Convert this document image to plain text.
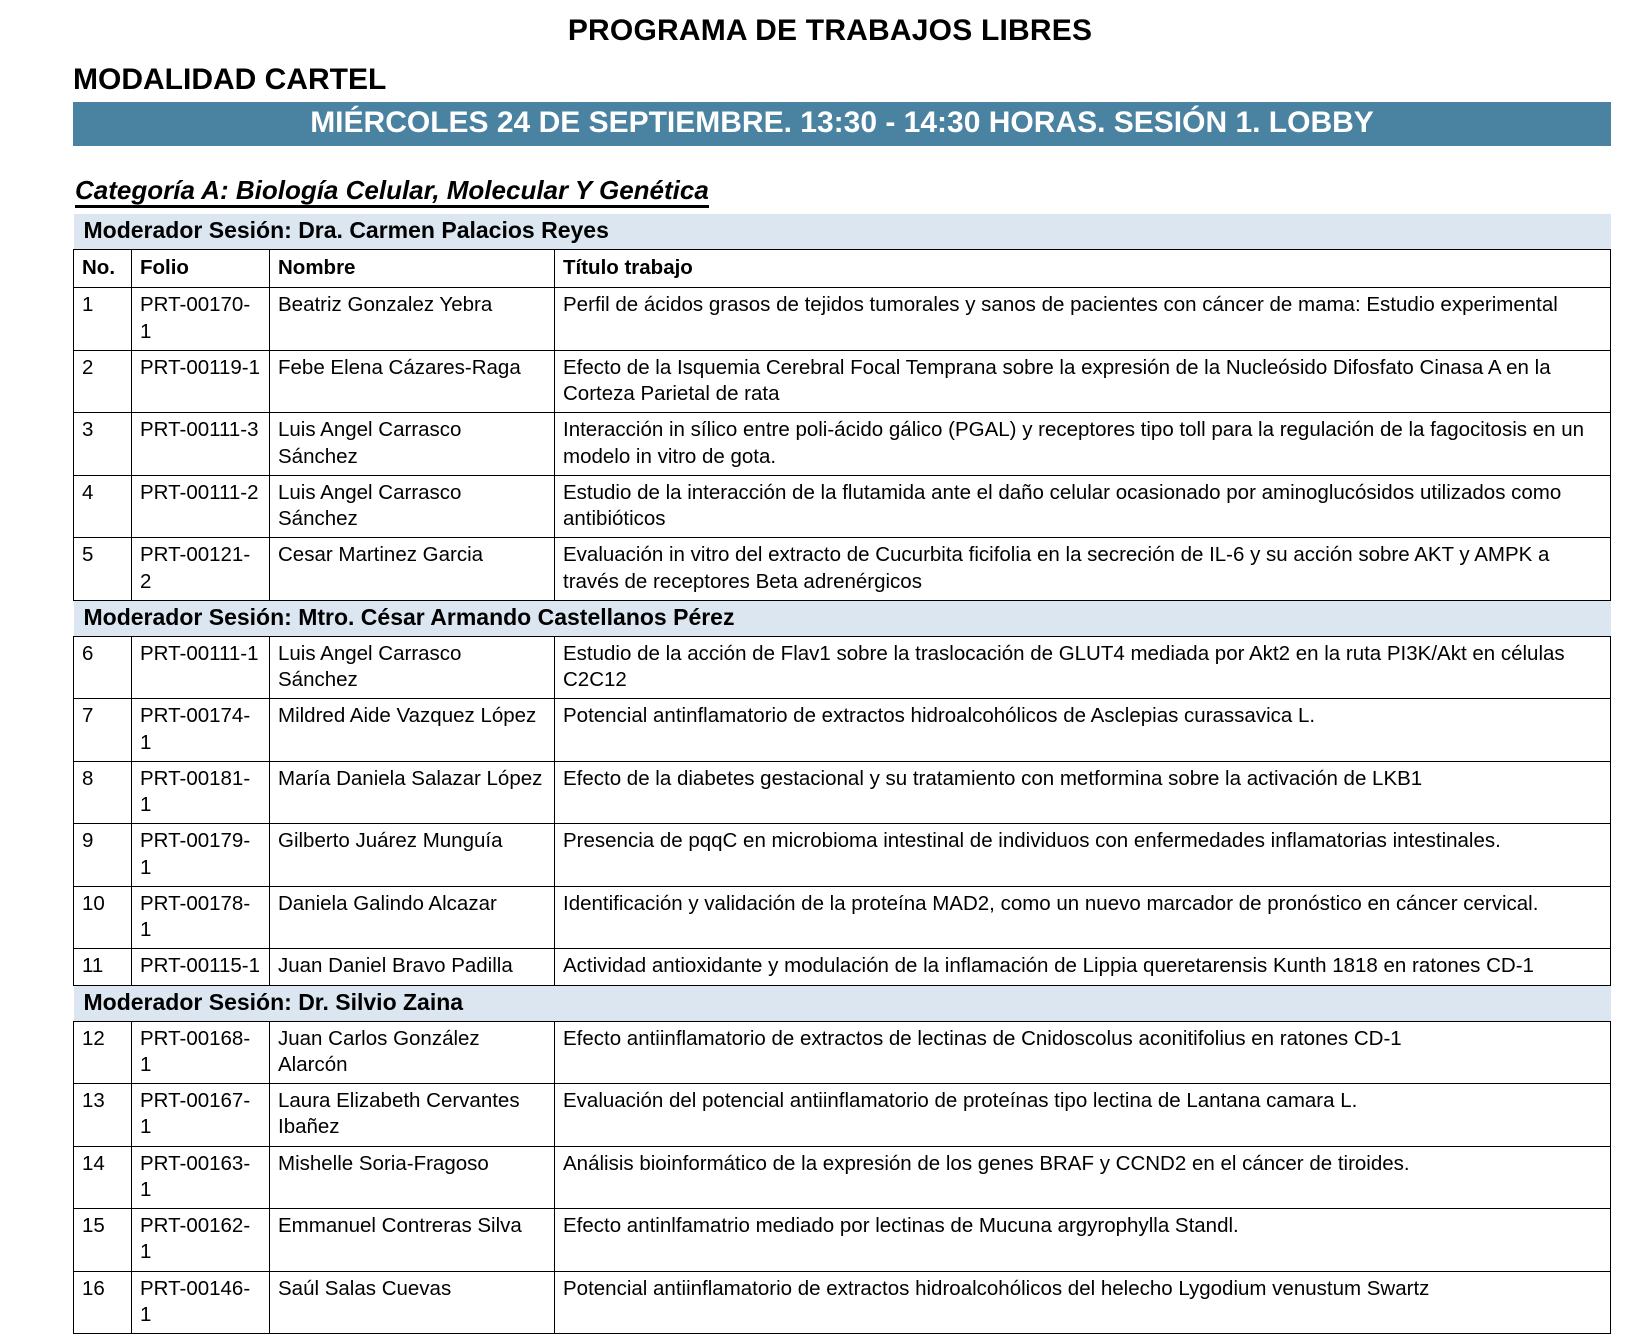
PROGRAMA DE TRABAJOS LIBRES
MODALIDAD CARTEL
MIÉRCOLES 24 DE SEPTIEMBRE. 13:30 - 14:30 HORAS. SESIÓN 1. LOBBY
Categoría A: Biología Celular, Molecular Y Genética
Moderador Sesión: Dra. Carmen Palacios Reyes			
No.	Folio	Nombre	Título trabajo
1	PRT-00170-1	Beatriz Gonzalez Yebra	Perfil de ácidos grasos de tejidos tumorales y sanos de pacientes con cáncer de mama: Estudio experimental
2	PRT-00119-1	Febe Elena Cázares-Raga	Efecto de la Isquemia Cerebral Focal Temprana sobre la expresión de la Nucleósido Difosfato Cinasa A en la Corteza Parietal de rata
3	PRT-00111-3	Luis Angel Carrasco Sánchez	Interacción in sílico entre poli-ácido gálico (PGAL) y receptores tipo toll para la regulación de la fagocitosis en un modelo in vitro de gota.
4	PRT-00111-2	Luis Angel Carrasco Sánchez	Estudio de la interacción de la flutamida ante el daño celular ocasionado por aminoglucósidos utilizados como antibióticos
5	PRT-00121-2	Cesar Martinez Garcia	Evaluación in vitro del extracto de Cucurbita ficifolia en la secreción de IL-6 y su acción sobre AKT y AMPK a través de receptores Beta adrenérgicos
Moderador Sesión: Mtro. César Armando Castellanos Pérez			
6	PRT-00111-1	Luis Angel Carrasco Sánchez	Estudio de la acción de Flav1 sobre la traslocación de GLUT4 mediada por Akt2 en la ruta PI3K/Akt en células C2C12
7	PRT-00174-1	Mildred Aide Vazquez López	Potencial antinflamatorio de extractos hidroalcohólicos de Asclepias curassavica L.
8	PRT-00181-1	María Daniela Salazar López	Efecto de la diabetes gestacional y su tratamiento con metformina sobre la activación de LKB1
9	PRT-00179-1	Gilberto Juárez Munguía	Presencia de pqqC en microbioma intestinal de individuos con enfermedades inflamatorias intestinales.
10	PRT-00178-1	Daniela Galindo Alcazar	Identificación y validación de la proteína MAD2, como un nuevo marcador de pronóstico en cáncer cervical.
11	PRT-00115-1	Juan Daniel Bravo Padilla	Actividad antioxidante y modulación de la inflamación de Lippia queretarensis Kunth 1818 en ratones CD-1
Moderador Sesión: Dr. Silvio Zaina			
12	PRT-00168-1	Juan Carlos González Alarcón	Efecto antiinflamatorio de extractos de lectinas de Cnidoscolus aconitifolius en ratones CD-1
13	PRT-00167-1	Laura Elizabeth Cervantes Ibañez	Evaluación del potencial antiinflamatorio de proteínas tipo lectina de Lantana camara L.
14	PRT-00163-1	Mishelle Soria-Fragoso	Análisis bioinformático de la expresión de los genes BRAF y CCND2 en el cáncer de tiroides.
15	PRT-00162-1	Emmanuel Contreras Silva	Efecto antinlfamatrio mediado por lectinas de Mucuna argyrophylla Standl.
16	PRT-00146-1	Saúl Salas Cuevas	Potencial antiinflamatorio de extractos hidroalcohólicos del helecho Lygodium venustum Swartz
